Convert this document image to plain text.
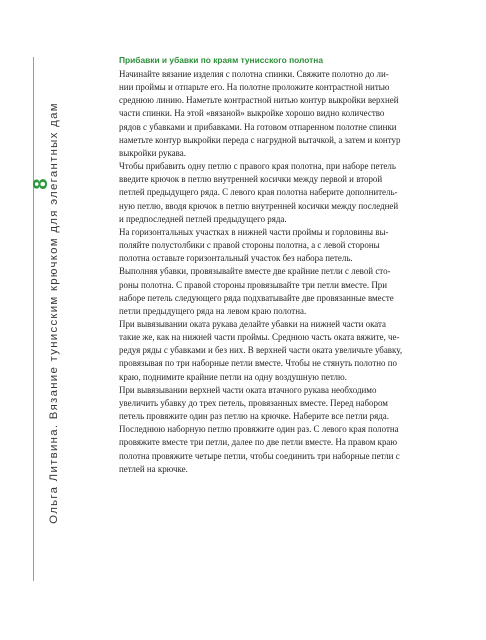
8
Ольга Литвина. Вязание тунисским крючком для элегантных дам
Прибавки и убавки по краям тунисского полотна

Начинайте вязание изделия с полотна спинки. Свяжите полотно до ли-
нии проймы и отпарьте его. На полотне проложите контрастной нитью
среднюю линию. Наметьте контрастной нитью контур выкройки верхней
части спинки. На этой «вязаной» выкройке хорошо видно количество
рядов с убавками и прибавками. На готовом отпаренном полотне спинки
наметьте контур выкройки переда с нагрудной вытачкой, а затем и контур
выкройки рукава.

Чтобы прибавить одну петлю с правого края полотна, при наборе петель
введите крючок в петлю внутренней косички между первой и второй
петлей предыдущего ряда. С левого края полотна наберите дополнитель-
ную петлю, вводя крючок в петлю внутренней косички между последней
и предпоследней петлей предыдущего ряда.

На горизонтальных участках в нижней части проймы и горловины вы-
поляйте полустолбики с правой стороны полотна, а с левой стороны
полотна оставьте горизонтальный участок без набора петель.

Выполняя убавки, провязывайте вместе две крайние петли с левой сто-
роны полотна. С правой стороны провязывайте три петли вместе. При
наборе петель следующего ряда подхватывайте две провязанные вместе
петли предыдущего ряда на левом краю полотна.

При вывязывании оката рукава делайте убавки на нижней части оката
такие же, как на нижней части проймы. Среднюю часть оката вяжите, че-
редуя ряды с убавками и без них. В верхней части оката увеличьте убавку,
провязывая по три наборные петли вместе. Чтобы не стянуть полотно по
краю, поднимите крайние петли на одну воздушную петлю.

При вывязывании верхней части оката втачного рукава необходимо
увеличить убавку до трех петель, провязанных вместе. Перед набором
петель провяжите один раз петлю на крючке. Наберите все петли ряда.
Последнюю наборную петлю провяжите один раз. С левого края полотна
провяжите вместе три петли, далее по две петли вместе. На правом краю
полотна провяжите четыре петли, чтобы соединить три наборные петли с
петлей на крючке.
